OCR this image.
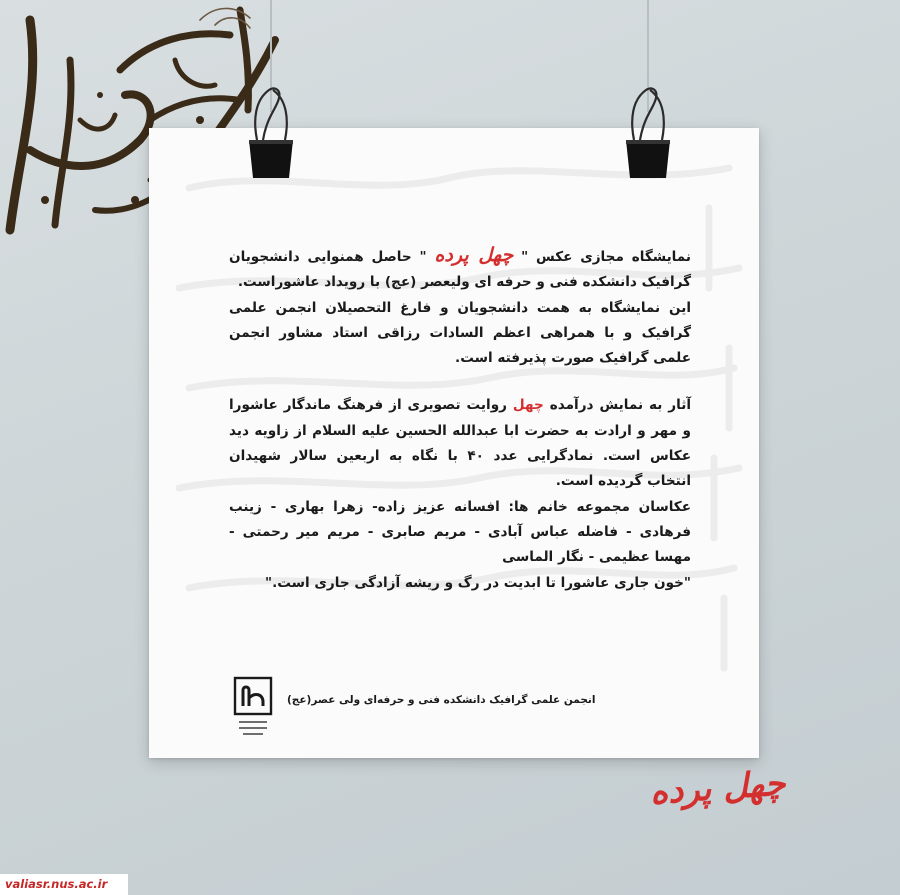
نمایشگاه مجازی عکس " چهل پرده " حاصل همنوایی دانشجویان گرافیک دانشکده فنی و حرفه ای ولیعصر (عج) با رویداد عاشوراست.

این نمایشگاه به همت دانشجویان و فارغ التحصیلان انجمن علمی گرافیک و با همراهی اعظم السادات رزاقی استاد مشاور انجمن علمی گرافیک صورت پذیرفته است.

آثار به نمایش درآمده چهل روایت تصویری از فرهنگ ماندگار عاشورا و مهر و ارادت به حضرت ابا عبدالله الحسین علیه السلام از زاویه دید عکاس است. نمادگرایی عدد ۴۰ با نگاه به اربعین سالار شهیدان انتخاب گردیده است.

عکاسان مجموعه خانم ها: افسانه عزیز زاده- زهرا بهاری - زینب فرهادی - فاضله عباس آبادی - مریم صابری - مریم میر رحمتی - مهسا عظیمی - نگار الماسی

"خون جاری عاشورا تا ابدیت در رگ و ریشه آزادگی جاری است."

انجمن علمی گرافیک دانشکده فنی و حرفه‌ای ولی عصر(عج)
چهل پرده
valiasr.nus.ac.ir
